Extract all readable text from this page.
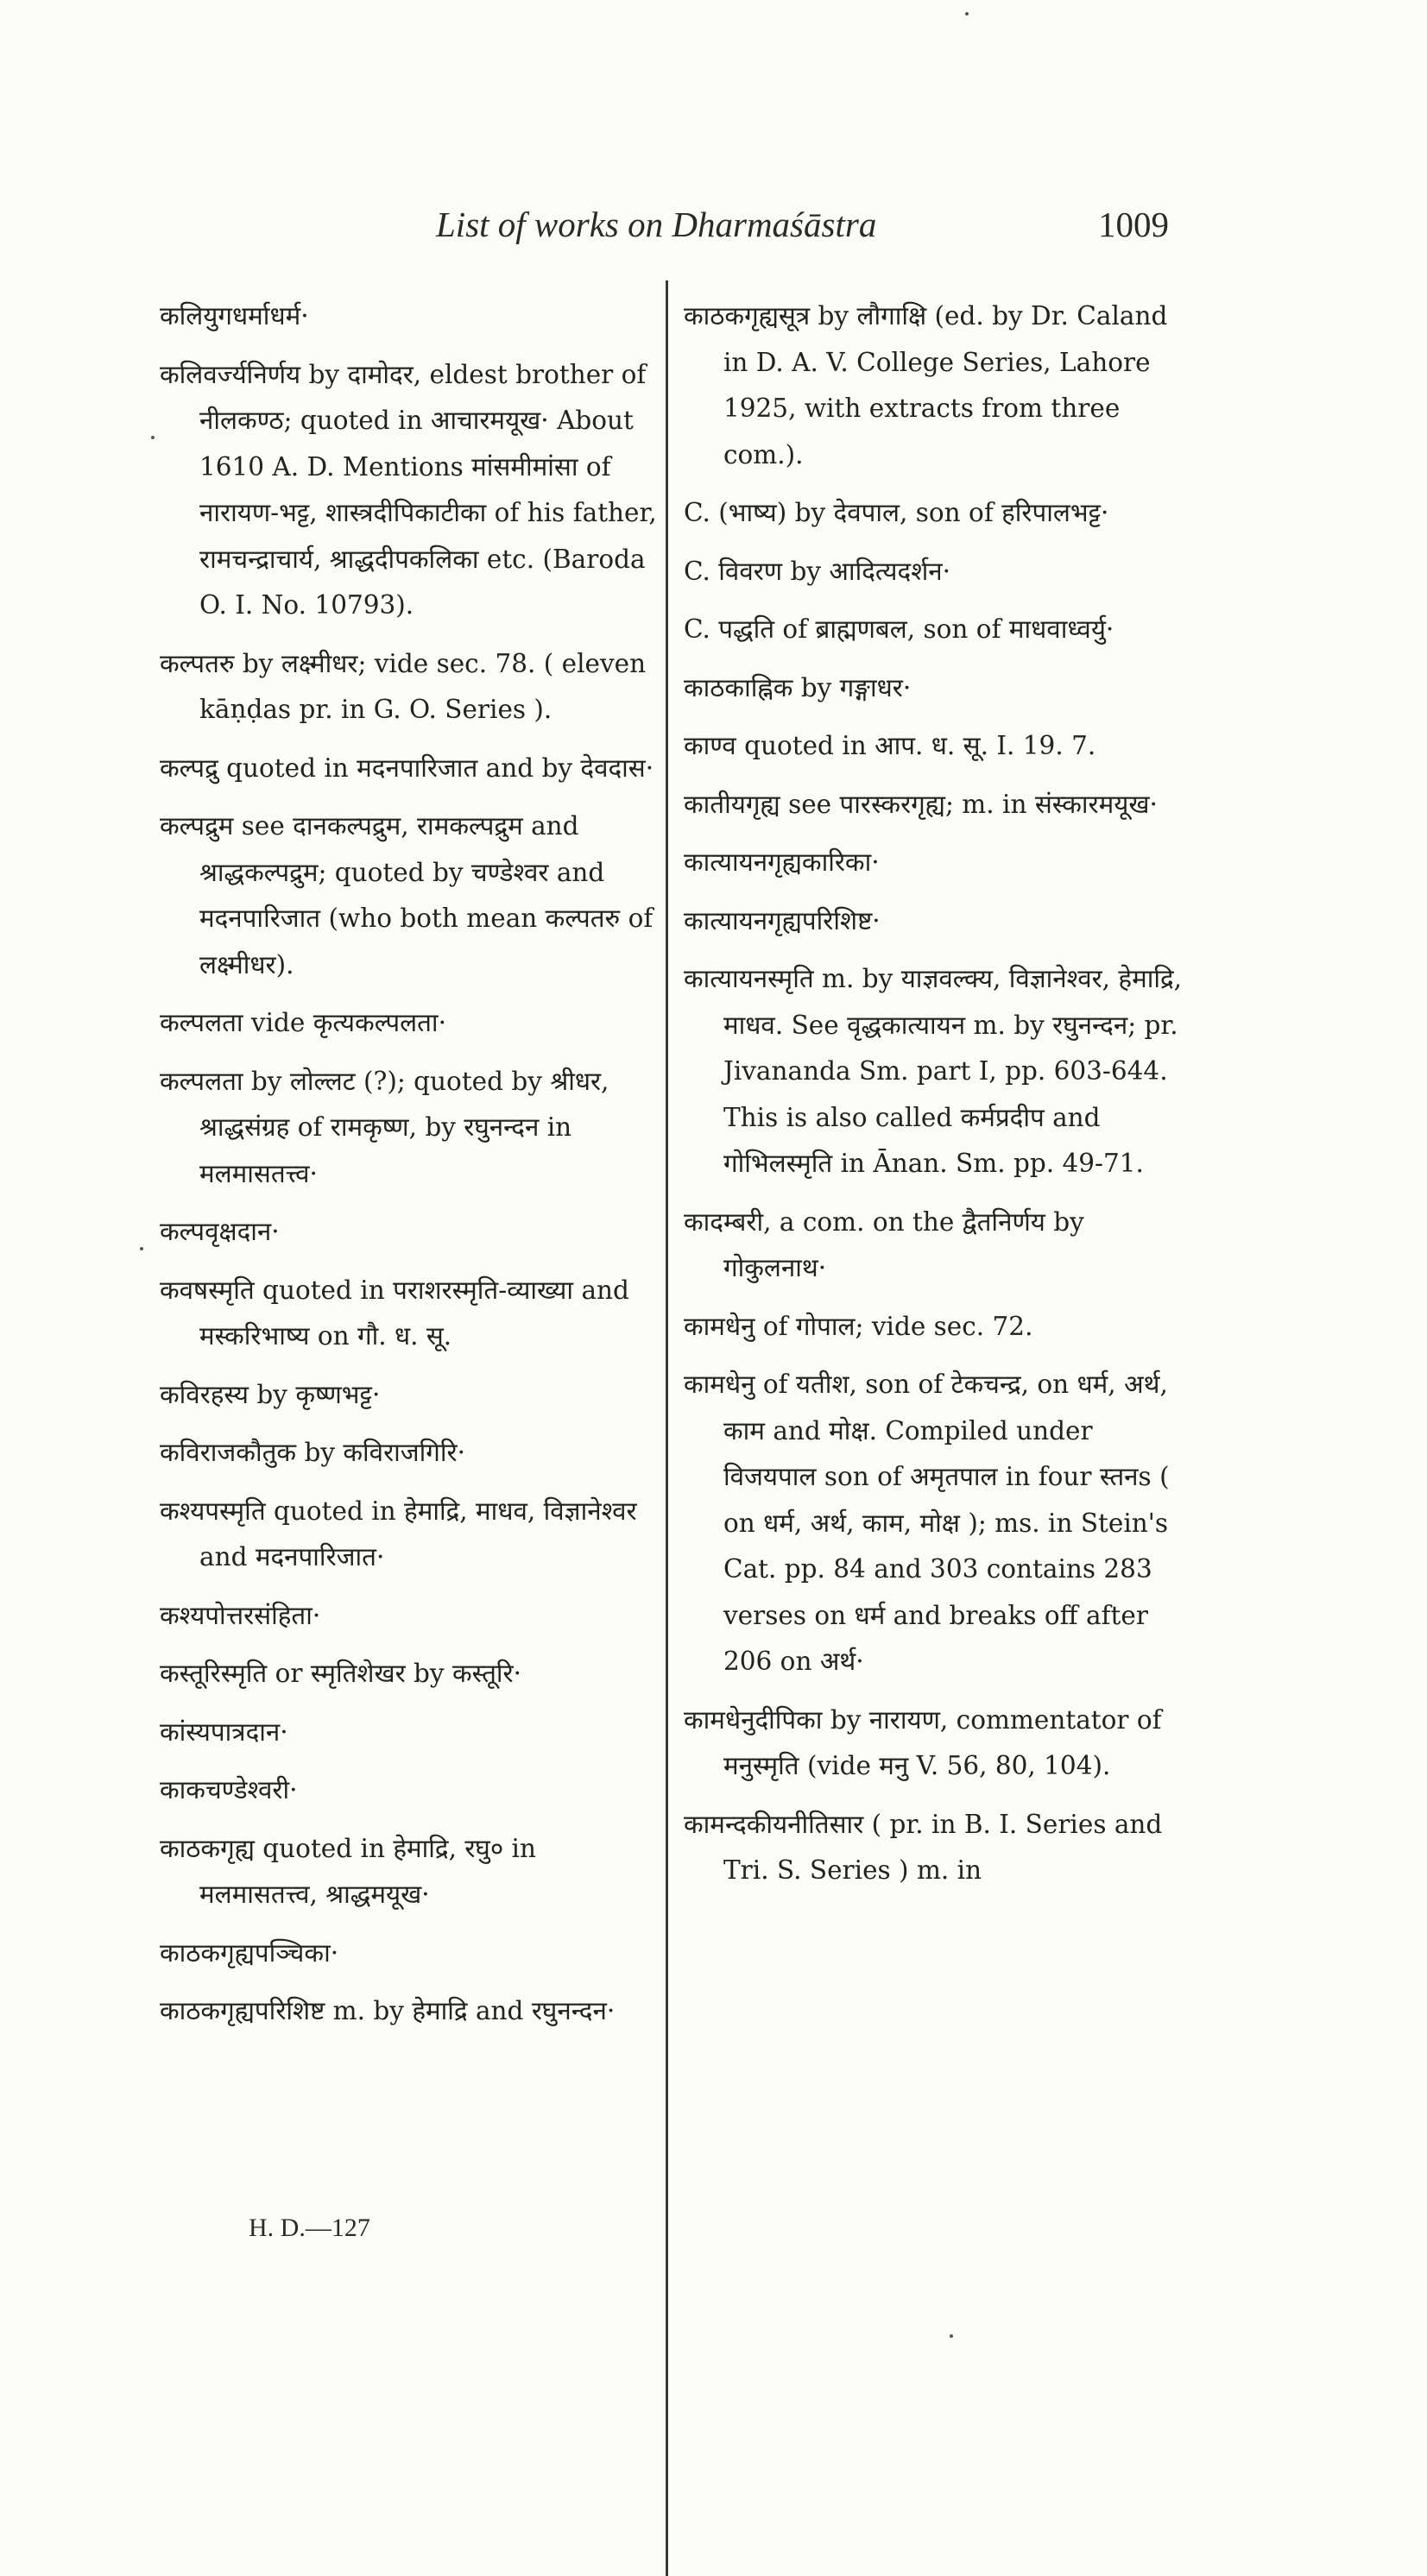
List of works on Dharmaśāstra	1009

कलियुगधर्माधर्म·

कलिवर्ज्यनिर्णय by दामोदर, eldest brother of नीलकण्ठ; quoted in आचारमयूख· About 1610 A. D. Mentions मांसमीमांसा of नारायण-भट्ट, शास्त्रदीपिकाटीका of his father, रामचन्द्राचार्य, श्राद्धदीपकलिका etc. (Baroda O. I. No. 10793).

कल्पतरु by लक्ष्मीधर; vide sec. 78. ( eleven kāṇḍas pr. in G. O. Series ).

कल्पद्रु quoted in मदनपारिजात and by देवदास·

कल्पद्रुम see दानकल्पद्रुम, रामकल्पद्रुम and श्राद्धकल्पद्रुम; quoted by चण्डेश्वर and मदनपारिजात (who both mean कल्पतरु of लक्ष्मीधर).

कल्पलता vide कृत्यकल्पलता·

कल्पलता by लोल्लट (?); quoted by श्रीधर, श्राद्धसंग्रह of रामकृष्ण, by रघुनन्दन in मलमासतत्त्व·

कल्पवृक्षदान·

कवषस्मृति quoted in पराशरस्मृति-व्याख्या and मस्करिभाष्य on गौ. ध. सू.

कविरहस्य by कृष्णभट्ट·

कविराजकौतुक by कविराजगिरि·

कश्यपस्मृति quoted in हेमाद्रि, माधव, विज्ञानेश्वर and मदनपारिजात·

कश्यपोत्तरसंहिता·

कस्तूरिस्मृति or स्मृतिशेखर by कस्तूरि·

कांस्यपात्रदान·

काकचण्डेश्वरी·

काठकगृह्य quoted in हेमाद्रि, रघु० in मलमासतत्त्व, श्राद्धमयूख·

काठकगृह्यपञ्चिका·

काठकगृह्यपरिशिष्ट m. by हेमाद्रि and रघुनन्दन·

काठकगृह्यसूत्र by लौगाक्षि (ed. by Dr. Caland in D. A. V. College Series, Lahore 1925, with extracts from three com.).

C. (भाष्य) by देवपाल, son of हरिपालभट्ट·

C. विवरण by आदित्यदर्शन·

C. पद्धति of ब्राह्मणबल, son of माधवाध्वर्यु·

काठकाह्निक by गङ्गाधर·

काण्व quoted in आप. ध. सू. I. 19. 7.

कातीयगृह्य see पारस्करगृह्य; m. in संस्कारमयूख·

कात्यायनगृह्यकारिका·

कात्यायनगृह्यपरिशिष्ट·

कात्यायनस्मृति m. by याज्ञवल्क्य, विज्ञानेश्वर, हेमाद्रि, माधव. See वृद्धकात्यायन m. by रघुनन्दन; pr. Jivananda Sm. part I, pp. 603-644. This is also called कर्मप्रदीप and गोभिलस्मृति in Ānan. Sm. pp. 49-71.

कादम्बरी, a com. on the द्वैतनिर्णय by गोकुलनाथ·

कामधेनु of गोपाल; vide sec. 72.

कामधेनु of यतीश, son of टेकचन्द्र, on धर्म, अर्थ, काम and मोक्ष. Compiled under विजयपाल son of अमृतपाल in four स्तनs ( on धर्म, अर्थ, काम, मोक्ष ); ms. in Stein's Cat. pp. 84 and 303 contains 283 verses on धर्म and breaks off after 206 on अर्थ·

कामधेनुदीपिका by नारायण, commentator of मनुस्मृति (vide मनु V. 56, 80, 104).

कामन्दकीयनीतिसार ( pr. in B. I. Series and Tri. S. Series ) m. in

H. D.—127
